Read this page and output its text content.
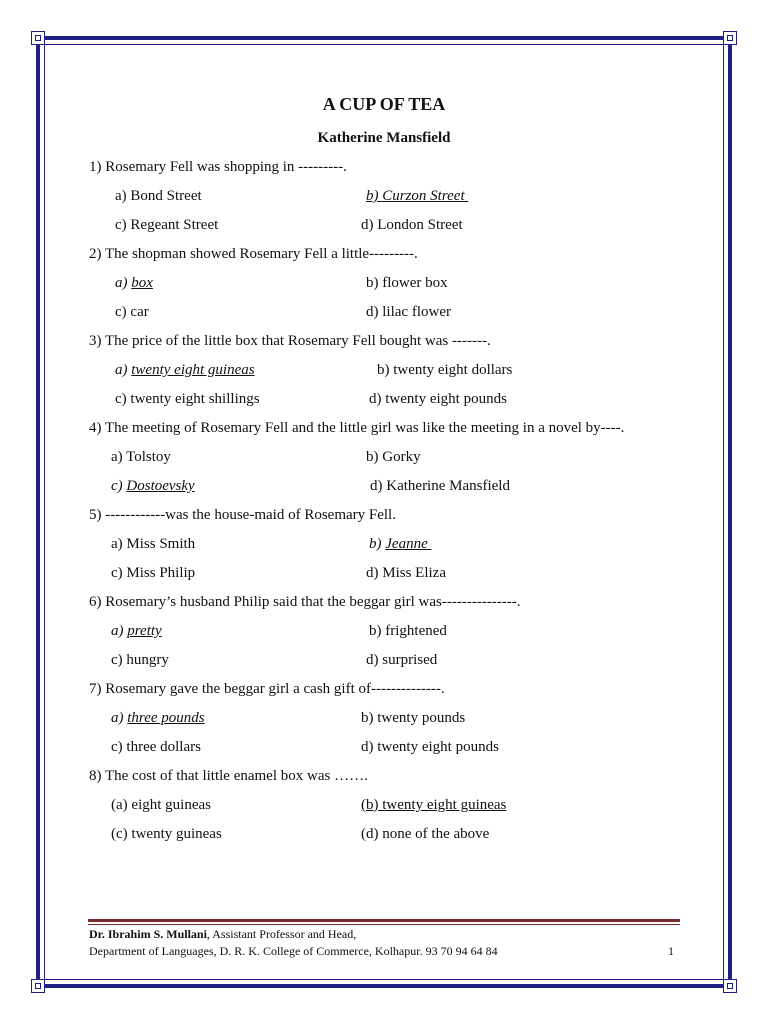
A CUP OF TEA
Katherine Mansfield
1) Rosemary Fell was shopping in ---------.
a) Bond Street	b) Curzon Street
c) Regeant Street	d) London Street
2) The shopman showed Rosemary Fell a little---------.
a) box	b) flower box
c) car	d) lilac flower
3) The price of the little box that Rosemary Fell bought was -------.
a) twenty eight guineas	b) twenty eight dollars
c) twenty eight shillings	d) twenty eight pounds
4) The meeting of Rosemary Fell and the little girl was like the meeting in a novel by----.
a) Tolstoy	b) Gorky
c) Dostoevsky	d) Katherine Mansfield
5) ------------was the house-maid of Rosemary Fell.
a) Miss Smith	b) Jeanne
c) Miss Philip	d) Miss Eliza
6) Rosemary’s husband Philip said that the beggar girl was---------------.
a) pretty	b) frightened
c) hungry	d) surprised
7) Rosemary gave the beggar girl a cash gift of--------------.
a) three pounds	b) twenty pounds
c) three dollars	d) twenty eight pounds
8) The cost of that little enamel box was …….
(a) eight guineas	(b) twenty eight guineas
(c) twenty guineas	(d) none of the above
Dr. Ibrahim S. Mullani, Assistant Professor and Head,
Department of Languages, D. R. K. College of Commerce, Kolhapur. 93 70 94 64 84	1
